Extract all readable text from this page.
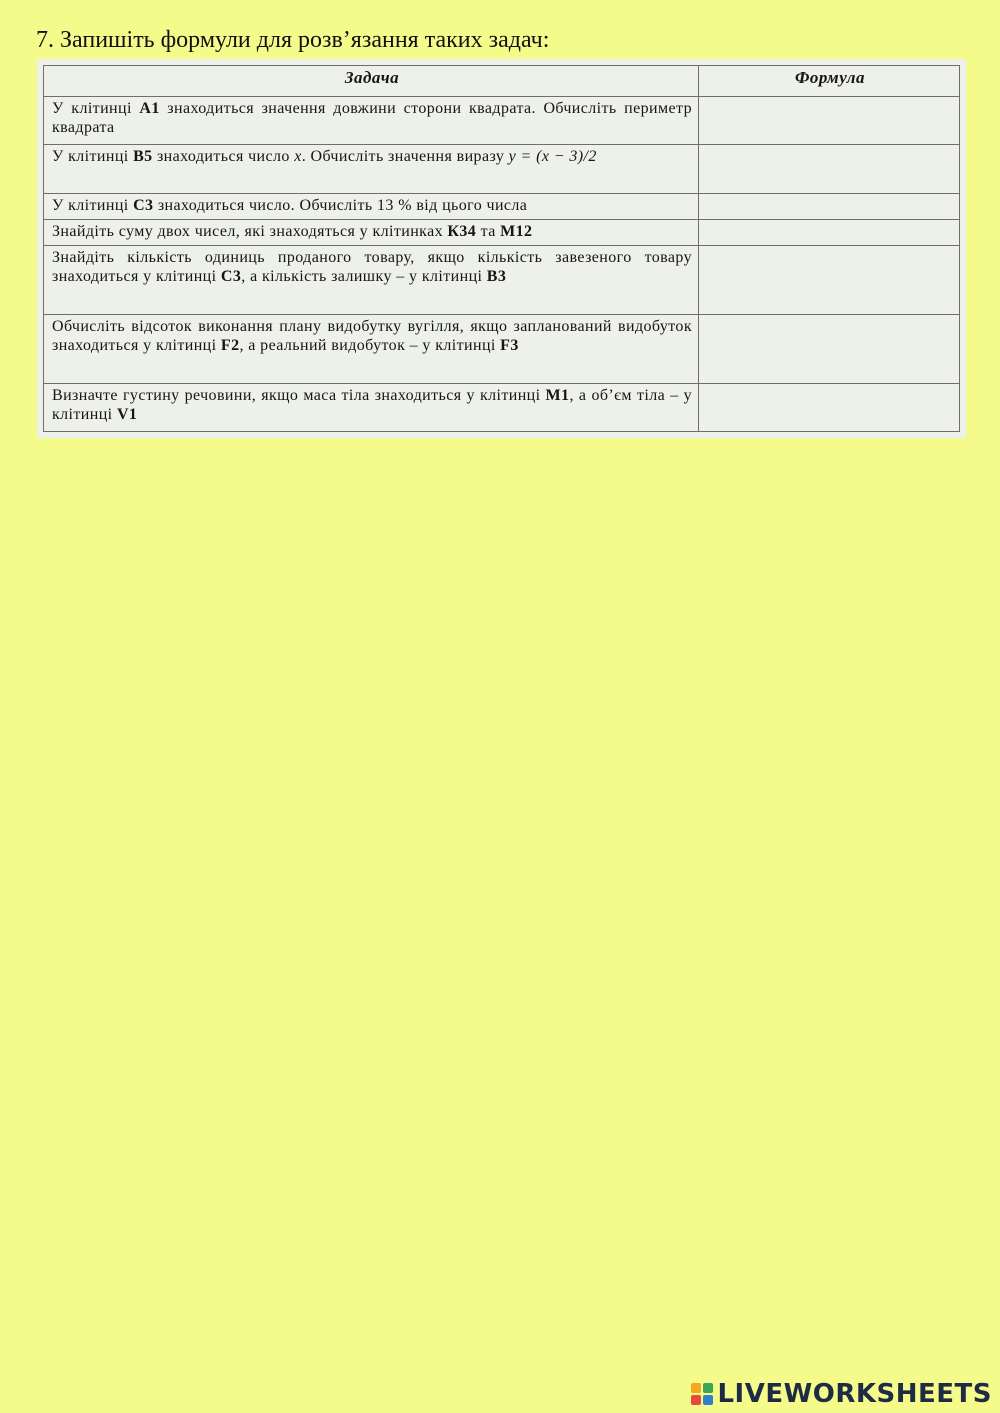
7. Запишіть формули для розв’язання таких задач:
Задача	Формула
У клітинці А1 знаходиться значення довжини сторони квадрата. Обчисліть периметр квадрата	
У клітинці В5 знаходиться число x. Обчисліть значення виразу y = (x − 3)/2	
У клітинці С3 знаходиться число. Обчисліть 13 % від цього числа	
Знайдіть суму двох чисел, які знаходяться у клітинках К34 та М12	
Знайдіть кількість одиниць проданого товару, якщо кількість завезеного товару знаходиться у клітинці С3, а кількість залишку – у клітинці В3	
Обчисліть відсоток виконання плану видобутку вугілля, якщо запланований видобуток знаходиться у клітинці F2, а реальний видобуток – у клітинці F3	
Визначте густину речовини, якщо маса тіла знаходиться у клітинці М1, а об’єм тіла – у клітинці V1	
LIVEWORKSHEETS
